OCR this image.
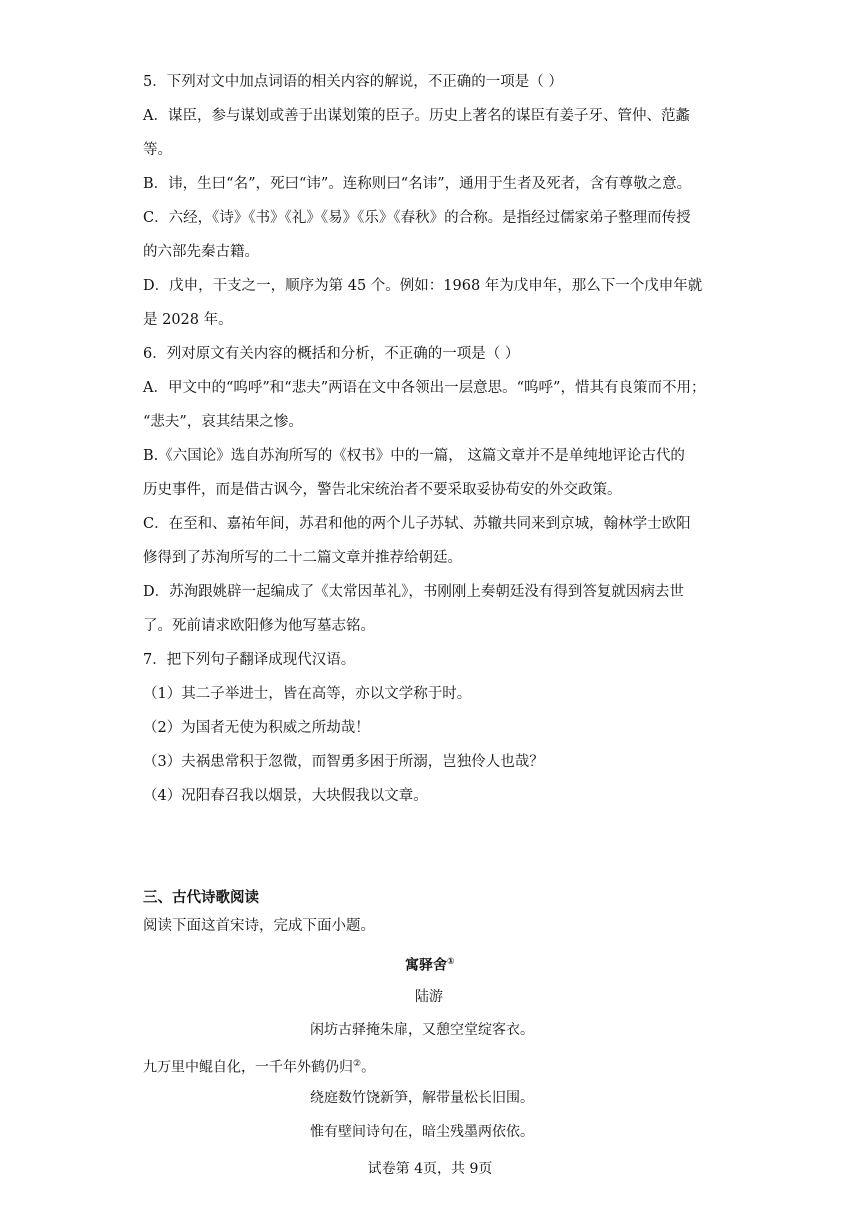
5．下列对文中加点词语的相关内容的解说，不正确的一项是（ ）
A．谋臣，参与谋划或善于出谋划策的臣子。历史上著名的谋臣有姜子牙、管仲、范蠡
等。
B．讳，生曰“名”，死曰“讳”。连称则曰“名讳”，通用于生者及死者，含有尊敬之意。
C．六经，《诗》《书》《礼》《易》《乐》《春秋》的合称。是指经过儒家弟子整理而传授
的六部先秦古籍。
D．戊申，干支之一，顺序为第 45 个。例如：1968 年为戊申年，那么下一个戊申年就
是 2028 年。
6．列对原文有关内容的概括和分析，不正确的一项是（ ）
A．甲文中的“呜呼”和“悲夫”两语在文中各领出一层意思。“呜呼”，惜其有良策而不用；
“悲夫”，哀其结果之惨。
B.《六国论》选自苏洵所写的《权书》中的一篇， 这篇文章并不是单纯地评论古代的
历史事件，而是借古讽今，警告北宋统治者不要采取妥协苟安的外交政策。
C．在至和、嘉祐年间，苏君和他的两个儿子苏轼、苏辙共同来到京城，翰林学士欧阳
修得到了苏洵所写的二十二篇文章并推荐给朝廷。
D．苏洵跟姚辟一起编成了《太常因革礼》，书刚刚上奏朝廷没有得到答复就因病去世
了。死前请求欧阳修为他写墓志铭。
7．把下列句子翻译成现代汉语。
（1）其二子举进士，皆在高等，亦以文学称于时。
（2）为国者无使为积威之所劫哉！
（3）夫祸患常积于忽微，而智勇多困于所溺，岂独伶人也哉？
（4）况阳春召我以烟景，大块假我以文章。
三、古代诗歌阅读
阅读下面这首宋诗，完成下面小题。
寓驿舍①
陆游
闲坊古驿掩朱扉，又憩空堂绽客衣。
九万里中鲲自化，一千年外鹤仍归②。
绕庭数竹饶新笋，解带量松长旧围。
惟有壁间诗句在，暗尘残墨两依依。
试卷第 4页，共 9页
